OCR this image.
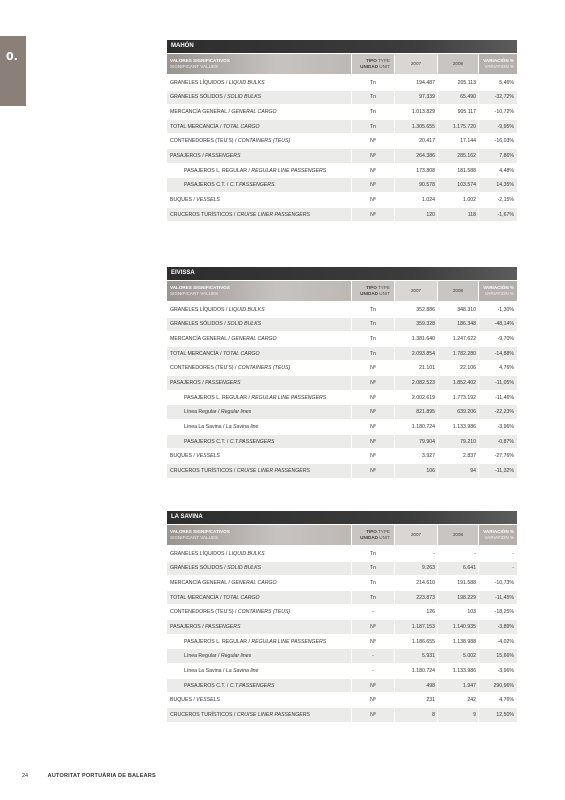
0.
MAHÓN
VALORES SIGNIFICATIVOS
SIGNIFICANT VALUES
TIPO TYPE
UNIDAD UNIT
2007	2008
VARIACIÓN %
VARIATION %
GRANELES LÍQUIDOS / LIQUID BULKS	Tn	194.487	205.113	5,46%
GRANELES SÓLIDOS / SOLID BULKS	Tn	97.339	65.490	-32,72%
MERCANCÍA GENERAL / GENERAL CARGO	Tn	1.013.829	905.117	-10,72%
TOTAL MERCANCÍA / TOTAL CARGO	Tn	1.305.655	1.175.720	-9,95%
CONTENEDORES (TEU'S) / CONTAINERS (TEUS)	Nº	20.417	17.144	-16,03%
PASAJEROS / PASSENGERS	Nº	264.386	285.162	7,86%
PASAJEROS L. REGULAR / REGULAR LINE PASSENGERS	Nº	173.808	181.588	4,48%
PASAJEROS C.T. / C.T.PASSENGERS.	Nº	90.578	103.574	14,35%
BUQUES / VESSELS	Nº	1.024	1.002	-2,15%
CRUCEROS TURÍSTICOS / CRUISE LINER PASSENGERS	Nº	120	118	-1,67%
EIVISSA
VALORES SIGNIFICATIVOS
SIGNIFICANT VALUES
TIPO TYPE
UNIDAD UNIT
2007	2008
VARIACIÓN %
VARIATION %
GRANELES LÍQUIDOS / LIQUID BULKS	Tn	352.886	348.310	-1,30%
GRANELES SÓLIDOS / SOLID BULKS	Tn	359.328	186.348	-48,14%
MERCANCÍA GENERAL / GENERAL CARGO	Tn	1.381.640	1.247.622	-9,70%
TOTAL MERCANCÍA / TOTAL CARGO	Tn	2.093.854	1.782.280	-14,88%
CONTENEDORES (TEU'S) / CONTAINERS (TEUS)	Nº	21.101	22.106	4,76%
PASAJEROS / PASSENGERS	Nº	2.082.523	1.852.402	-11,05%
PASAJEROS L. REGULAR / REGULAR LINE PASSENGERS	Nº	2.002.619	1.773.192	-11,46%
Línea Regular / Regular lines	Nº	821.895	639.206	-22,23%
Línea La Savina / La Savina line	Nº	1.180.724	1.133.986	-3,96%
PASAJEROS C.T. / C.T.PASSENGERS	Nº	79.904	79.210	-0,87%
BUQUES / VESSELS	Nº	3.927	2.837	-27,76%
CRUCEROS TURÍSTICOS / CRUISE LINER PASSENGERS	Nº	106	94	-11,32%
LA SAVINA
VALORES SIGNIFICATIVOS
SIGNIFICANT VALUES
TIPO TYPE
UNIDAD UNIT
2007	2008
VARIACIÓN %
VARIATION %
GRANELES LÍQUIDOS / LIQUID BULKS	Tn	-	-	-
GRANELES SÓLIDOS / SOLID BULKS	Tn	9.263	6.641	-
MERCANCÍA GENERAL / GENERAL CARGO	Tn	214.610	191.588	-10,73%
TOTAL MERCANCÍA / TOTAL CARGO	Tn	223.873	198.229	-11,45%
CONTENEDORES (TEU'S) / CONTAINERS (TEUS)	-	126	103	-18,25%
PASAJEROS / PASSENGERS	Nº	1.187.153	1.140.935	-3,89%
PASAJEROS L. REGULAR / REGULAR LINE PASSENGERS	Nº	1.186.655	1.138.988	-4,02%
Línea Regular / Regular lines	-	5.931	5.002	15,66%
Línea La Savina / La Savina line	-	1.180.724	1.133.986	-3,96%
PASAJEROS C.T. / C.T.PASSENGERS	Nº	498	1.947	290,96%
BUQUES / VESSELS	Nº	231	242	4,76%
CRUCEROS TURÍSTICOS / CRUISE LINER PASSENGERS	Nº	8	9	12,50%
24	AUTORITAT PORTUÀRIA DE BALEARS
